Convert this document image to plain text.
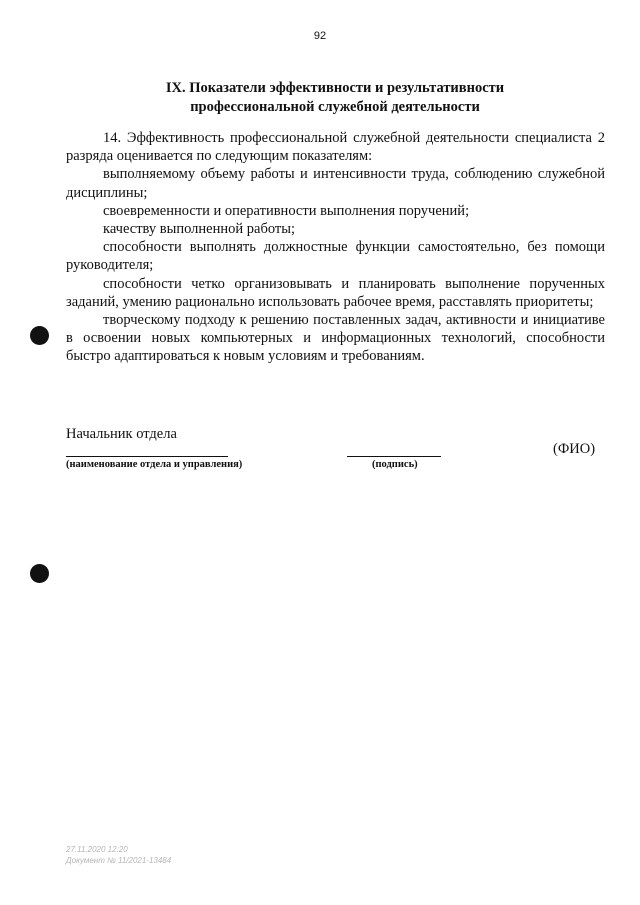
92
IX. Показатели эффективности и результативности
профессиональной служебной деятельности

14. Эффективность профессиональной служебной деятельности специалиста 2 разряда оценивается по следующим показателям:

выполняемому объему работы и интенсивности труда, соблюдению служебной дисциплины;

своевременности и оперативности выполнения поручений;

качеству выполненной работы;

способности выполнять должностные функции самостоятельно, без помощи руководителя;

способности четко организовывать и планировать выполнение порученных заданий, умению рационально использовать рабочее время, расставлять приоритеты;

творческому подходу к решению поставленных задач, активности и инициативе в освоении новых компьютерных и информационных технологий, способности быстро адаптироваться к новым условиям и требованиям.

Начальник отдела
(наименование отдела и управления)	(подпись)
(ФИО)
27.11.2020 12:20
Документ № 11/2021-13484
